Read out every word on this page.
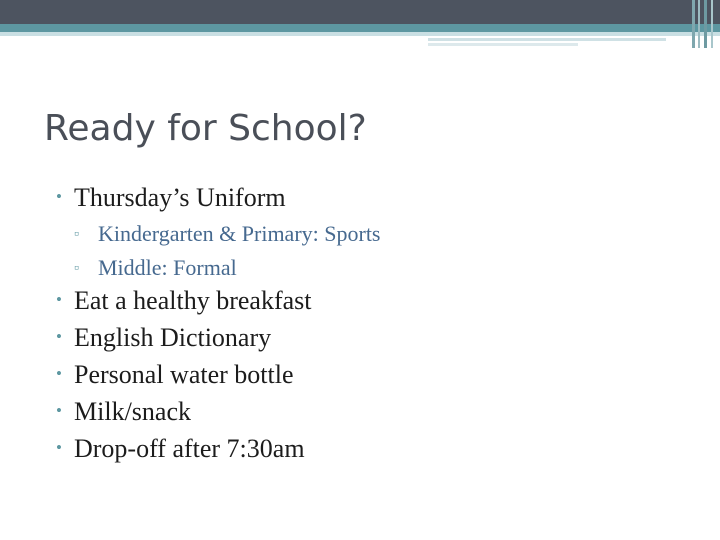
Ready for School?
• Thursday’s Uniform
▫ Kindergarten & Primary: Sports
▫ Middle: Formal
• Eat a healthy breakfast
• English Dictionary
• Personal water bottle
• Milk/snack
• Drop-off after 7:30am
